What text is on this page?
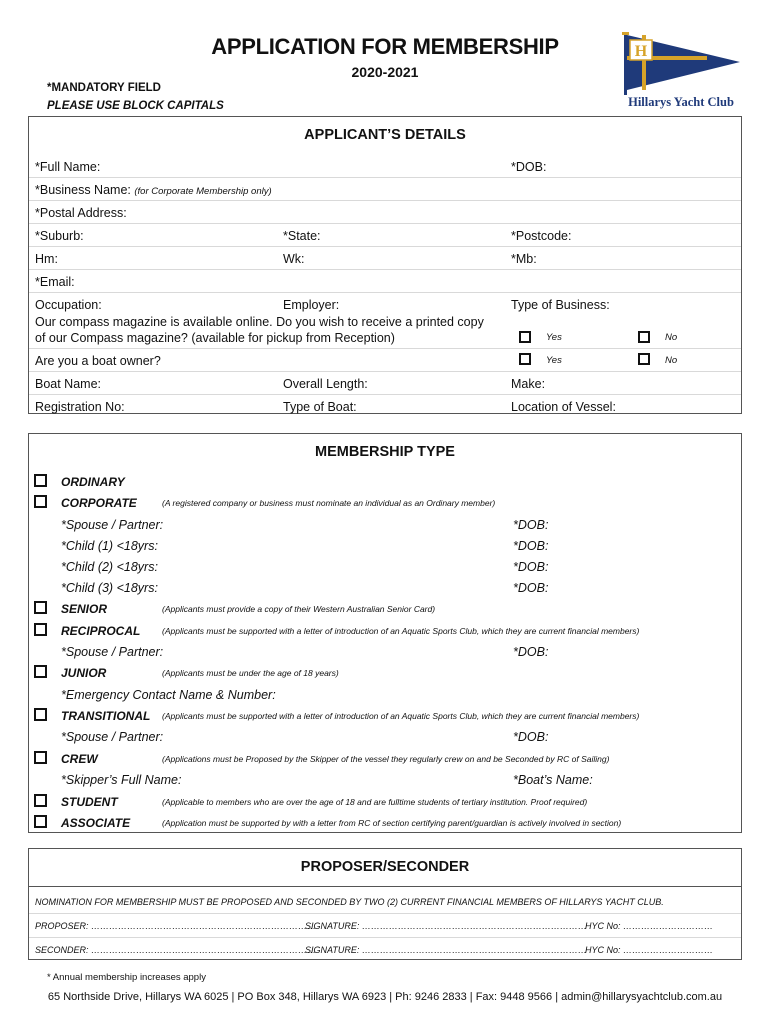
APPLICATION FOR MEMBERSHIP
2020-2021
*MANDATORY FIELD
PLEASE USE BLOCK CAPITALS
H
Hillarys Yacht Club
APPLICANT’S DETAILS
*Full Name:	*DOB:
*Business Name: (for Corporate Membership only)
*Postal Address:
*Suburb:	*State:	*Postcode:
Hm:	Wk:	*Mb:
*Email:
Occupation:	Employer:	Type of Business:
Our compass magazine is available online. Do you wish to receive a printed copy
of our Compass magazine? (available for pickup from Reception)	Yes	No
Are you a boat owner?	Yes	No
Boat Name:	Overall Length:	Make:
Registration No:	Type of Boat:	Location of Vessel:
MEMBERSHIP TYPE
ORDINARY
CORPORATE	(A registered company or business must nominate an individual as an Ordinary member)
*Spouse / Partner:	*DOB:
*Child (1) <18yrs:	*DOB:
*Child (2) <18yrs:	*DOB:
*Child (3) <18yrs:	*DOB:
SENIOR	(Applicants must provide a copy of their Western Australian Senior Card)
RECIPROCAL	(Applicants must be supported with a letter of introduction of an Aquatic Sports Club, which they are current financial members)
*Spouse / Partner:	*DOB:
JUNIOR	(Applicants must be under the age of 18 years)
*Emergency Contact Name & Number:
TRANSITIONAL (Applicants must be supported with a letter of introduction of an Aquatic Sports Club, which they are current financial members)
*Spouse / Partner:	*DOB:
CREW	(Applications must be Proposed by the Skipper of the vessel they regularly crew on and be Seconded by RC of Sailing)
*Skipper’s Full Name:	*Boat’s Name:
STUDENT	(Applicable to members who are over the age of 18 and are fulltime students of tertiary institution. Proof required)
ASSOCIATE	(Application must be supported by with a letter from RC of section certifying parent/guardian is actively involved in section)
PROPOSER/SECONDER
NOMINATION FOR MEMBERSHIP MUST BE PROPOSED AND SECONDED BY TWO (2) CURRENT FINANCIAL MEMBERS OF HILLARYS YACHT CLUB.
PROPOSER: …………………………………………………………………
SIGNATURE: …………………………………………………………………
HYC No: …………………………
SECONDER: …………………………………………………………………
SIGNATURE: …………………………………………………………………
HYC No: …………………………
* Annual membership increases apply
65 Northside Drive, Hillarys WA 6025 | PO Box 348, Hillarys WA 6923 | Ph: 9246 2833 | Fax: 9448 9566 | admin@hillarysyachtclub.com.au
